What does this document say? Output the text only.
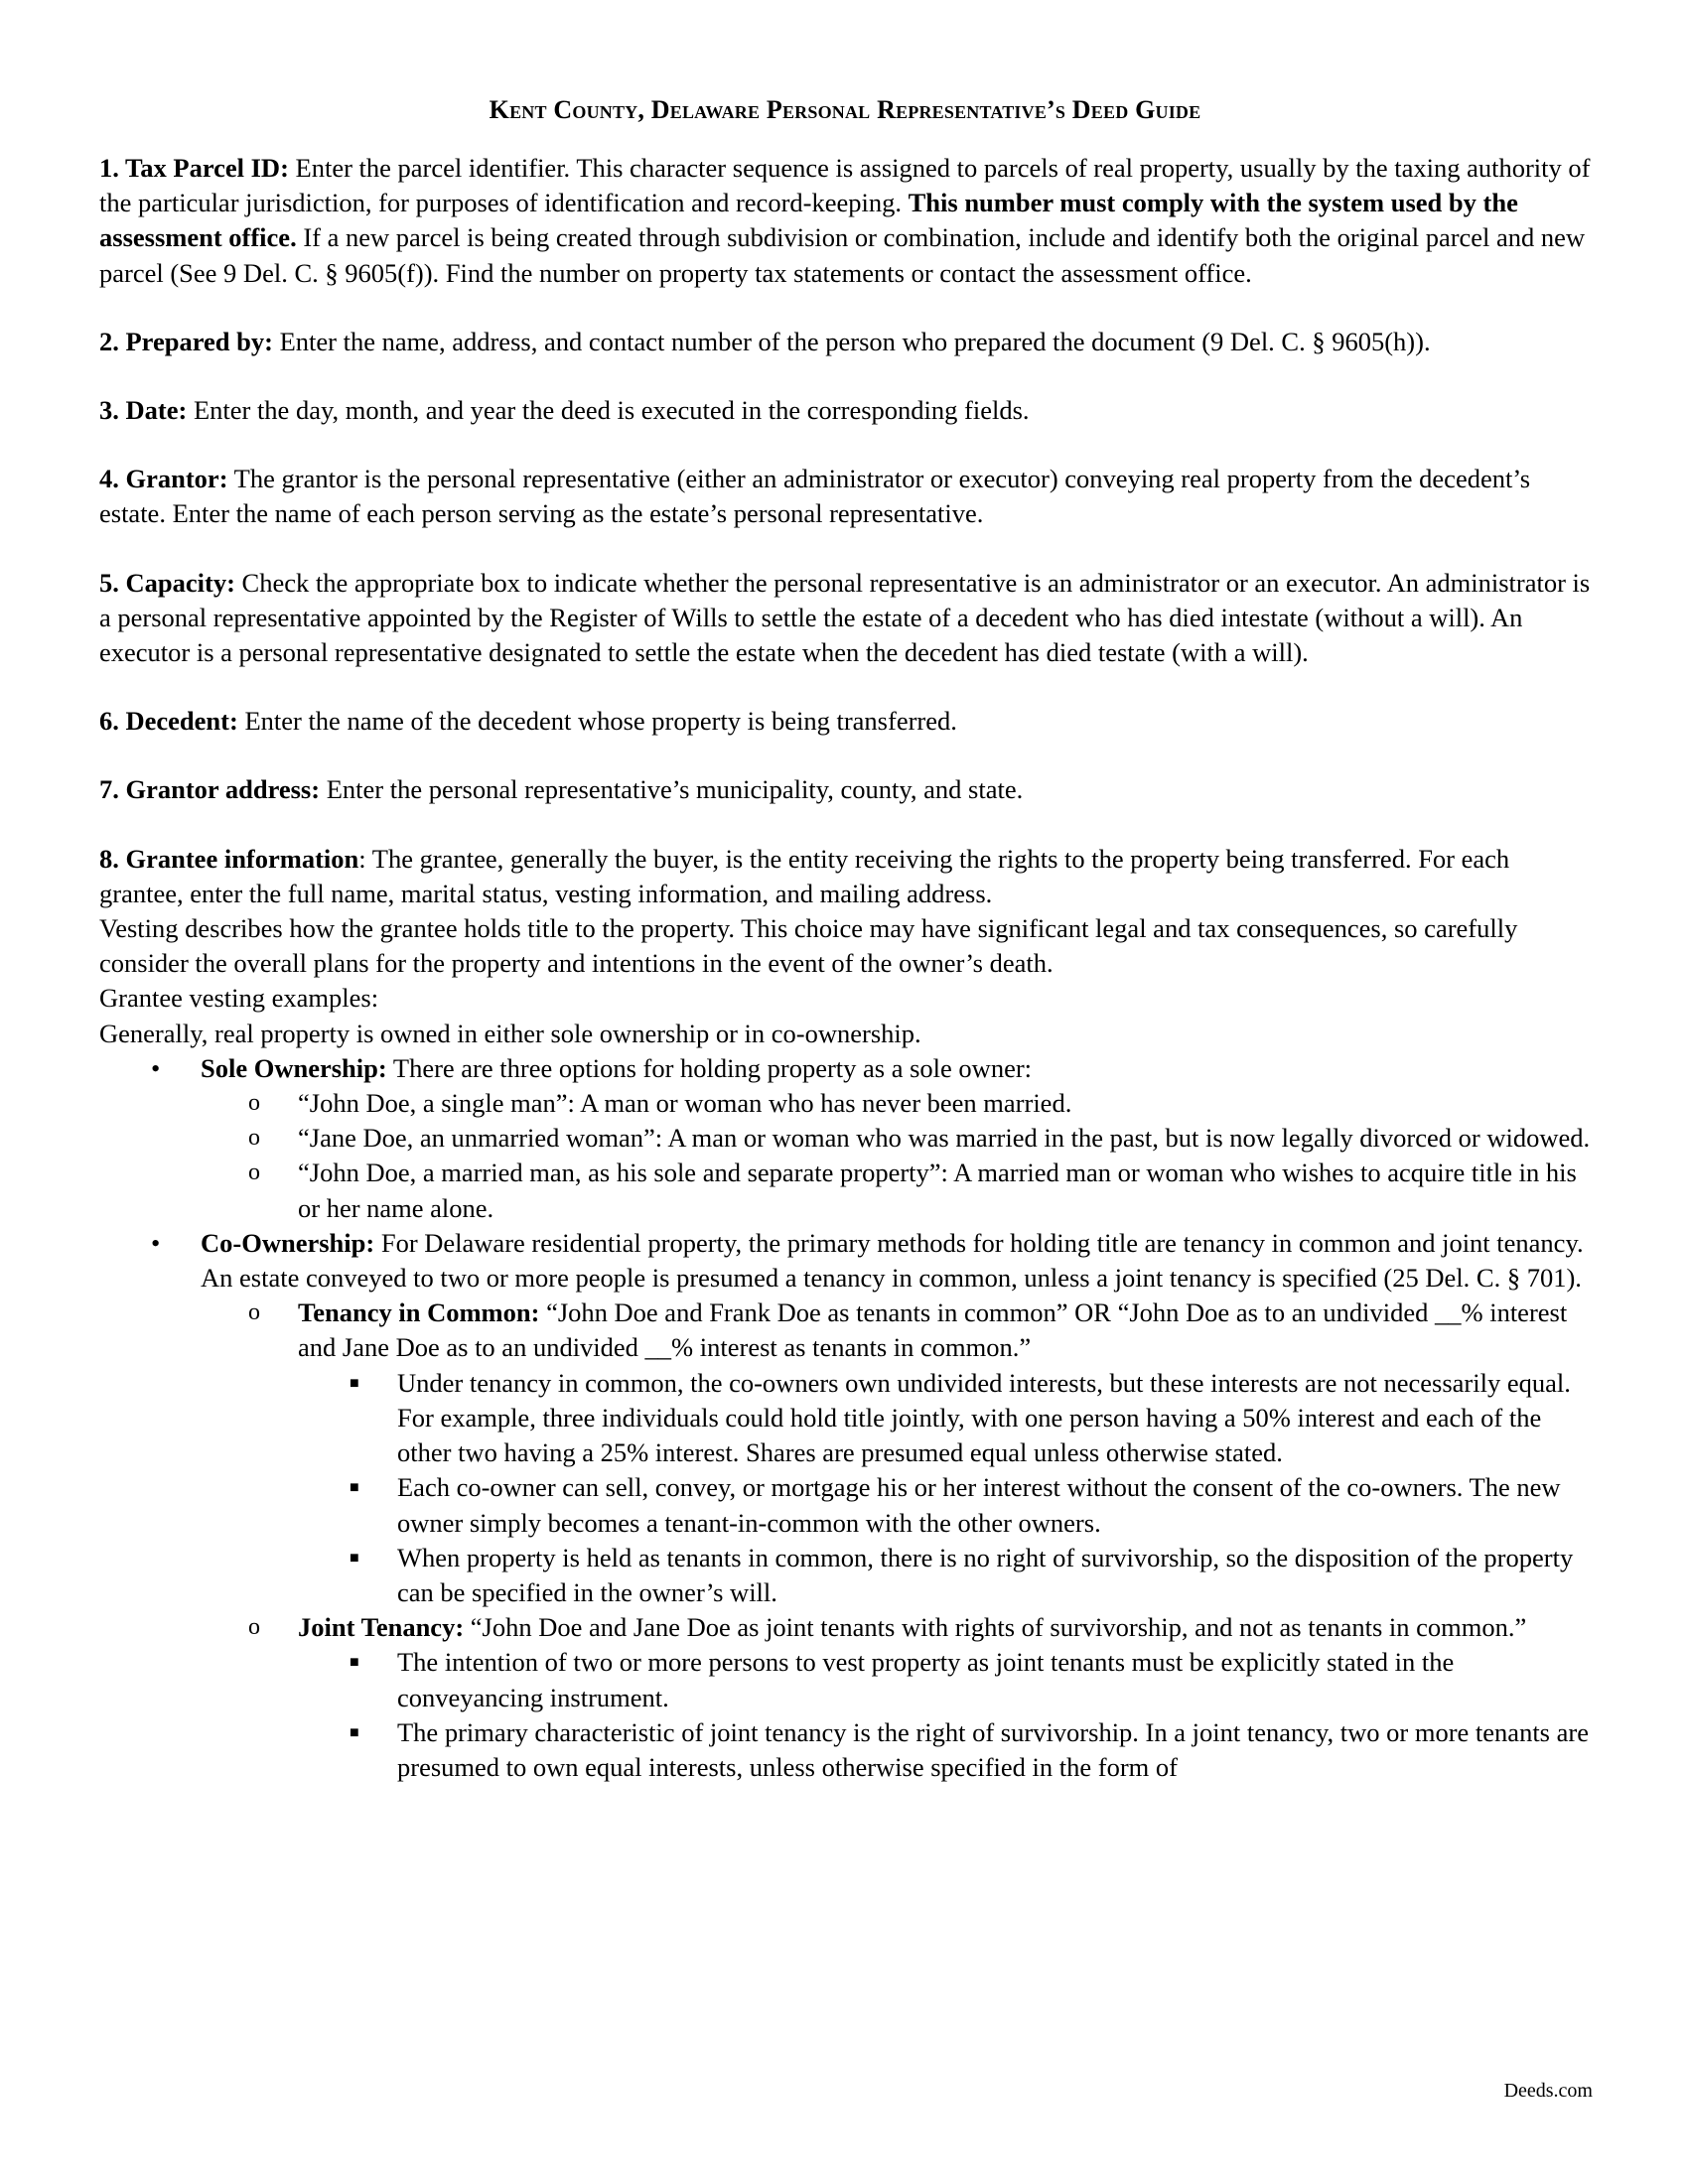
Kent County, Delaware Personal Representative’s Deed Guide

1. Tax Parcel ID: Enter the parcel identifier. This character sequence is assigned to parcels of real property, usually by the taxing authority of the particular jurisdiction, for purposes of identification and record-keeping. This number must comply with the system used by the assessment office. If a new parcel is being created through subdivision or combination, include and identify both the original parcel and new parcel (See 9 Del. C. § 9605(f)). Find the number on property tax statements or contact the assessment office.

2. Prepared by: Enter the name, address, and contact number of the person who prepared the document (9 Del. C. § 9605(h)).

3. Date: Enter the day, month, and year the deed is executed in the corresponding fields.

4. Grantor: The grantor is the personal representative (either an administrator or executor) conveying real property from the decedent’s estate. Enter the name of each person serving as the estate’s personal representative.

5. Capacity: Check the appropriate box to indicate whether the personal representative is an administrator or an executor. An administrator is a personal representative appointed by the Register of Wills to settle the estate of a decedent who has died intestate (without a will). An executor is a personal representative designated to settle the estate when the decedent has died testate (with a will).

6. Decedent: Enter the name of the decedent whose property is being transferred.

7. Grantor address: Enter the personal representative’s municipality, county, and state.

8. Grantee information: The grantee, generally the buyer, is the entity receiving the rights to the property being transferred. For each grantee, enter the full name, marital status, vesting information, and mailing address.

Vesting describes how the grantee holds title to the property. This choice may have significant legal and tax consequences, so carefully consider the overall plans for the property and intentions in the event of the owner’s death.

Grantee vesting examples:

Generally, real property is owned in either sole ownership or in co-ownership.

• Sole Ownership: There are three options for holding property as a sole owner:
o “John Doe, a single man”: A man or woman who has never been married.
o “Jane Doe, an unmarried woman”: A man or woman who was married in the past, but is now legally divorced or widowed.
o “John Doe, a married man, as his sole and separate property”: A married man or woman who wishes to acquire title in his or her name alone.
• Co-Ownership: For Delaware residential property, the primary methods for holding title are tenancy in common and joint tenancy. An estate conveyed to two or more people is presumed a tenancy in common, unless a joint tenancy is specified (25 Del. C. § 701).
o Tenancy in Common: “John Doe and Frank Doe as tenants in common” OR “John Doe as to an undivided __% interest and Jane Doe as to an undivided __% interest as tenants in common.”
■ Under tenancy in common, the co-owners own undivided interests, but these interests are not necessarily equal. For example, three individuals could hold title jointly, with one person having a 50% interest and each of the other two having a 25% interest. Shares are presumed equal unless otherwise stated.
■ Each co-owner can sell, convey, or mortgage his or her interest without the consent of the co-owners. The new owner simply becomes a tenant-in-common with the other owners.
■ When property is held as tenants in common, there is no right of survivorship, so the disposition of the property can be specified in the owner’s will.
o Joint Tenancy: “John Doe and Jane Doe as joint tenants with rights of survivorship, and not as tenants in common.”
■ The intention of two or more persons to vest property as joint tenants must be explicitly stated in the conveyancing instrument.
■ The primary characteristic of joint tenancy is the right of survivorship. In a joint tenancy, two or more tenants are presumed to own equal interests, unless otherwise specified in the form of
Deeds.com
